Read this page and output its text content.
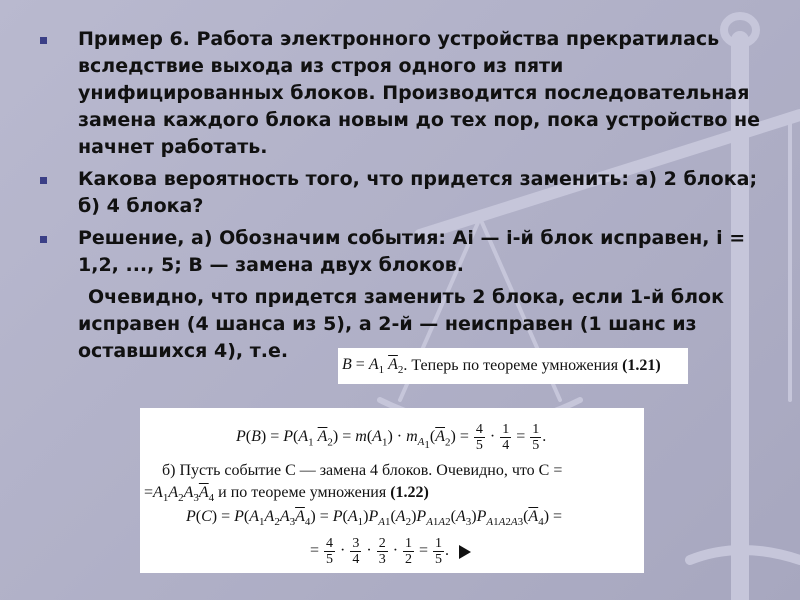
Пример 6. Работа электронного устройства прекратилась вследствие выхода из строя одного из пяти унифицированных блоков. Производится последовательная замена каждого блока новым до тех пор, пока устройство не начнет работать.
Какова вероятность того, что придется заменить: а) 2 блока; б) 4 блока?
Решение, а) Обозначим события: Аi — i-й блок исправен, i = 1,2, ..., 5; В — замена двух блоков.
Очевидно, что придется заменить 2 блока, если 1-й блок исправен (4 шанса из 5), а 2-й — неисправен (1 шанс из оставшихся 4), т.е.
$B = A_1$ $\overline{A}_2$ . Теперь по теореме умножения (1.21)
$P(B) = P(A_1$ $\overline{A}_2) = m(A_1) \cdot m_{A_1}(\overline{A}_2) = \frac{4}{5} \cdot \frac{1}{4} = \frac{1}{5}$ .
б) Пусть событие C — замена 4 блоков. Очевидно, что C =
$=A_1A_2A_3\overline{A}_4$ и по теореме умножения (1.22)
$P(C) = P(A_1A_2A_3\overline{A}_4) = P(A_1)P_{A1}(A_2)P_{A1A2}(A_3)P_{A1A2A3}(\overline{A}_4)$ =
= $\frac{4}{5} \cdot \frac{3}{4} \cdot \frac{2}{3} \cdot \frac{1}{2} = \frac{1}{5}$ .
